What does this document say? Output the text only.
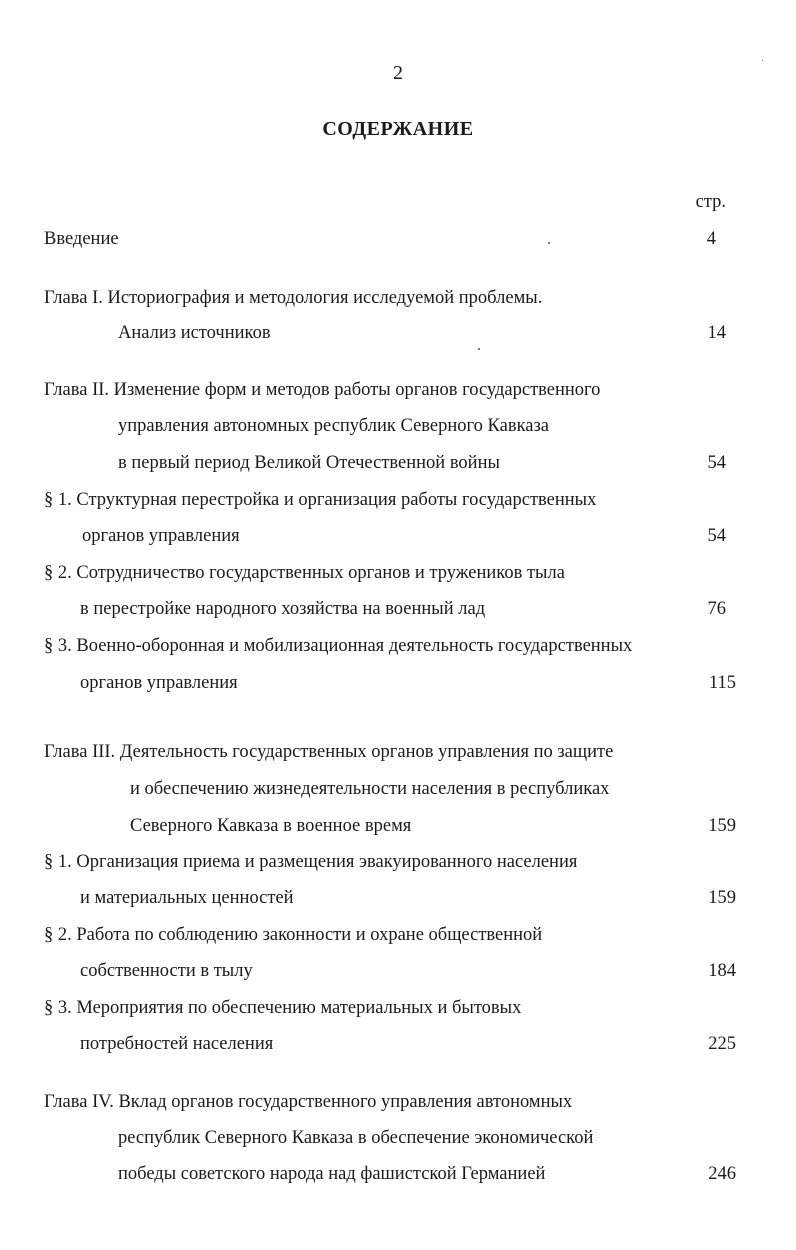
2
СОДЕРЖАНИЕ
стр.
Введение	4
Глава I. Историография и методология исследуемой проблемы.
Анализ источников	14
Глава II. Изменение форм и методов работы органов государственного
управления автономных республик Северного Кавказа
в первый период Великой Отечественной войны	54
§ 1. Структурная перестройка и организация работы государственных
органов управления	54
§ 2. Сотрудничество государственных органов и тружеников тыла
в перестройке народного хозяйства на военный лад	76
§ 3. Военно-оборонная и мобилизационная деятельность государственных
органов управления	115
Глава III. Деятельность государственных органов управления по защите
и обеспечению жизнедеятельности населения в республиках
Северного Кавказа в военное время	159
§ 1. Организация приема и размещения эвакуированного населения
и материальных ценностей	159
§ 2. Работа по соблюдению законности и охране общественной
собственности в тылу	184
§ 3. Мероприятия по обеспечению материальных и бытовых
потребностей населения	225
Глава IV. Вклад органов государственного управления автономных
республик Северного Кавказа в обеспечение экономической
победы советского народа над фашистской Германией	246
